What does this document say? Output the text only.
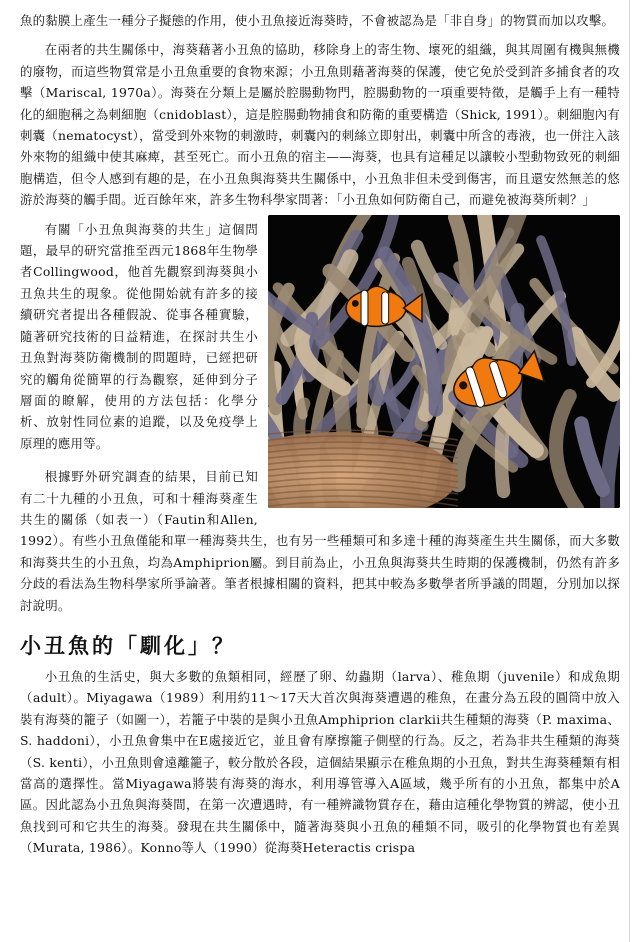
魚的黏膜上產生一種分子擬態的作用，使小丑魚接近海葵時，不會被認為是「非自身」的物質而加以攻擊。

在兩者的共生關係中，海葵藉著小丑魚的協助，移除身上的寄生物、壞死的組織，與其周圍有機與無機的廢物，而這些物質常是小丑魚重要的食物來源；小丑魚則藉著海葵的保護，使它免於受到許多捕食者的攻擊（Mariscal, 1970a）。海葵在分類上是屬於腔腸動物門，腔腸動物的一項重要特徵，是觸手上有一種特化的細胞稱之為刺細胞（cnidoblast），這是腔腸動物捕食和防衛的重要構造（Shick, 1991）。刺細胞內有刺囊（nematocyst），當受到外來物的刺激時，刺囊內的刺絲立即射出，刺囊中所含的毒液，也一併注入該外來物的組織中使其麻痺，甚至死亡。而小丑魚的宿主——海葵，也具有這種足以讓較小型動物致死的刺細胞構造，但令人感到有趣的是，在小丑魚與海葵共生關係中，小丑魚非但未受到傷害，而且還安然無恙的悠游於海葵的觸手間。近百餘年來，許多生物科學家問著：「小丑魚如何防衛自己，而避免被海葵所刺？」

有關「小丑魚與海葵的共生」這個問題，最早的研究當推至西元1868年生物學者Collingwood，他首先觀察到海葵與小丑魚共生的現象。從他開始就有許多的接續研究者提出各種假說、從事各種實驗，隨著研究技術的日益精進，在探討共生小丑魚對海葵防衛機制的問題時，已經把研究的觸角從簡單的行為觀察，延伸到分子層面的瞭解，使用的方法包括：化學分析、放射性同位素的追蹤，以及免疫學上原理的應用等。

根據野外研究調查的結果，目前已知有二十九種的小丑魚，可和十種海葵產生共生的關係（如表一）（Fautin和Allen, 1992）。有些小丑魚僅能和單一種海葵共生，也有另一些種類可和多達十種的海葵產生共生關係，而大多數和海葵共生的小丑魚，均為Amphiprion屬。到目前為止，小丑魚與海葵共生時期的保護機制，仍然有許多分歧的看法為生物科學家所爭論著。筆者根據相關的資料，把其中較為多數學者所爭議的問題，分別加以探討說明。

小丑魚的「馴化」？

小丑魚的生活史，與大多數的魚類相同，經歷了卵、幼蟲期（larva）、稚魚期（juvenile）和成魚期（adult）。Miyagawa（1989）利用約11～17天大首次與海葵遭遇的稚魚，在畫分為五段的圓筒中放入裝有海葵的籠子（如圖一），若籠子中裝的是與小丑魚Amphiprion clarkii共生種類的海葵（P. maxima、S. haddoni），小丑魚會集中在E處接近它，並且會有摩擦籠子側壁的行為。反之，若為非共生種類的海葵（S. kenti），小丑魚則會遠離籠子，較分散於各段，這個結果顯示在稚魚期的小丑魚，對共生海葵種類有相當高的選擇性。當Miyagawa將裝有海葵的海水，利用導管導入A區域，幾乎所有的小丑魚，都集中於A區。因此認為小丑魚與海葵間，在第一次遭遇時，有一種辨識物質存在，藉由這種化學物質的辨認，使小丑魚找到可和它共生的海葵。發現在共生關係中，隨著海葵與小丑魚的種類不同，吸引的化學物質也有差異（Murata, 1986）。Konno等人（1990）從海葵Heteractis crispa
